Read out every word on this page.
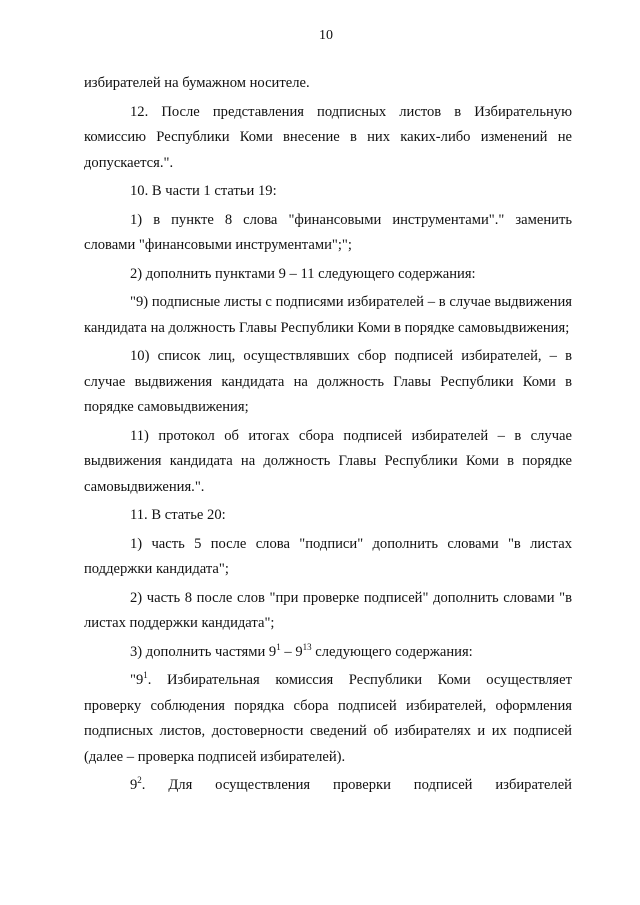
10

избирателей на бумажном носителе.

12. После представления подписных листов в Избирательную комиссию Республики Коми внесение в них каких-либо изменений не допускается.".

10. В части 1 статьи 19:

1) в пункте 8 слова "финансовыми инструментами"." заменить словами "финансовыми инструментами";";

2) дополнить пунктами 9 – 11 следующего содержания:

"9) подписные листы с подписями избирателей – в случае выдвижения кандидата на должность Главы Республики Коми в порядке самовыдвижения;

10) список лиц, осуществлявших сбор подписей избирателей, – в случае выдвижения кандидата на должность Главы Республики Коми в порядке самовыдвижения;

11) протокол об итогах сбора подписей избирателей – в случае выдвижения кандидата на должность Главы Республики Коми в порядке самовыдвижения.".

11. В статье 20:

1) часть 5 после слова "подписи" дополнить словами "в листах поддержки кандидата";

2) часть 8 после слов "при проверке подписей" дополнить словами "в листах поддержки кандидата";

3) дополнить частями $9^1 - 9^{13}$ следующего содержания:

"$9^1$. Избирательная комиссия Республики Коми осуществляет проверку соблюдения порядка сбора подписей избирателей, оформления подписных листов, достоверности сведений об избирателях и их подписей (далее – проверка подписей избирателей).

$9^2$. Для осуществления проверки подписей избирателей
